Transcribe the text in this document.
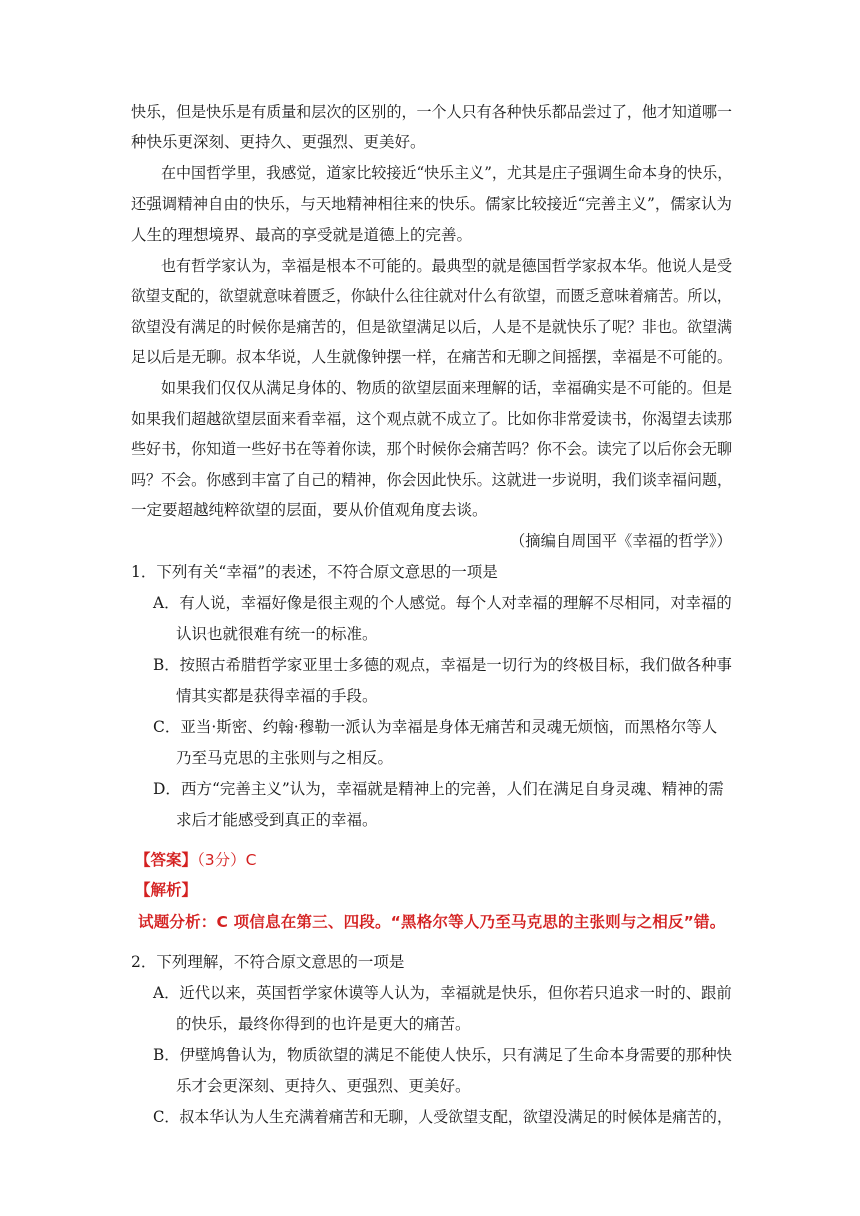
快乐，但是快乐是有质量和层次的区别的，一个人只有各种快乐都品尝过了，他才知道哪一
种快乐更深刻、更持久、更强烈、更美好。
在中国哲学里，我感觉，道家比较接近“快乐主义”，尤其是庄子强调生命本身的快乐，
还强调精神自由的快乐，与天地精神相往来的快乐。儒家比较接近“完善主义”，儒家认为
人生的理想境界、最高的享受就是道德上的完善。
也有哲学家认为，幸福是根本不可能的。最典型的就是德国哲学家叔本华。他说人是受
欲望支配的，欲望就意味着匮乏，你缺什么往往就对什么有欲望，而匮乏意味着痛苦。所以，
欲望没有满足的时候你是痛苦的，但是欲望满足以后，人是不是就快乐了呢？非也。欲望满
足以后是无聊。叔本华说，人生就像钟摆一样，在痛苦和无聊之间摇摆，幸福是不可能的。
如果我们仅仅从满足身体的、物质的欲望层面来理解的话，幸福确实是不可能的。但是
如果我们超越欲望层面来看幸福，这个观点就不成立了。比如你非常爱读书，你渴望去读那
些好书，你知道一些好书在等着你读，那个时候你会痛苦吗？你不会。读完了以后你会无聊
吗？不会。你感到丰富了自己的精神，你会因此快乐。这就进一步说明，我们谈幸福问题，
一定要超越纯粹欲望的层面，要从价值观角度去谈。
（摘编自周国平《幸福的哲学》）
1．下列有关“幸福”的表述，不符合原文意思的一项是
A．有人说，幸福好像是很主观的个人感觉。每个人对幸福的理解不尽相同，对幸福的
认识也就很难有统一的标准。
B．按照古希腊哲学家亚里士多德的观点，幸福是一切行为的终极目标，我们做各种事
情其实都是获得幸福的手段。
C．亚当·斯密、约翰·穆勒一派认为幸福是身体无痛苦和灵魂无烦恼，而黑格尔等人
乃至马克思的主张则与之相反。
D．西方“完善主义”认为，幸福就是精神上的完善，人们在满足自身灵魂、精神的需
求后才能感受到真正的幸福。
【答案】（3分）C
【解析】
试题分析：C 项信息在第三、四段。“黑格尔等人乃至马克思的主张则与之相反”错。
2．下列理解，不符合原文意思的一项是
A．近代以来，英国哲学家休谟等人认为，幸福就是快乐，但你若只追求一时的、跟前
的快乐，最终你得到的也许是更大的痛苦。
B．伊壁鸠鲁认为，物质欲望的满足不能使人快乐，只有满足了生命本身需要的那种快
乐才会更深刻、更持久、更强烈、更美好。
C．叔本华认为人生充满着痛苦和无聊，人受欲望支配，欲望没满足的时候体是痛苦的，
